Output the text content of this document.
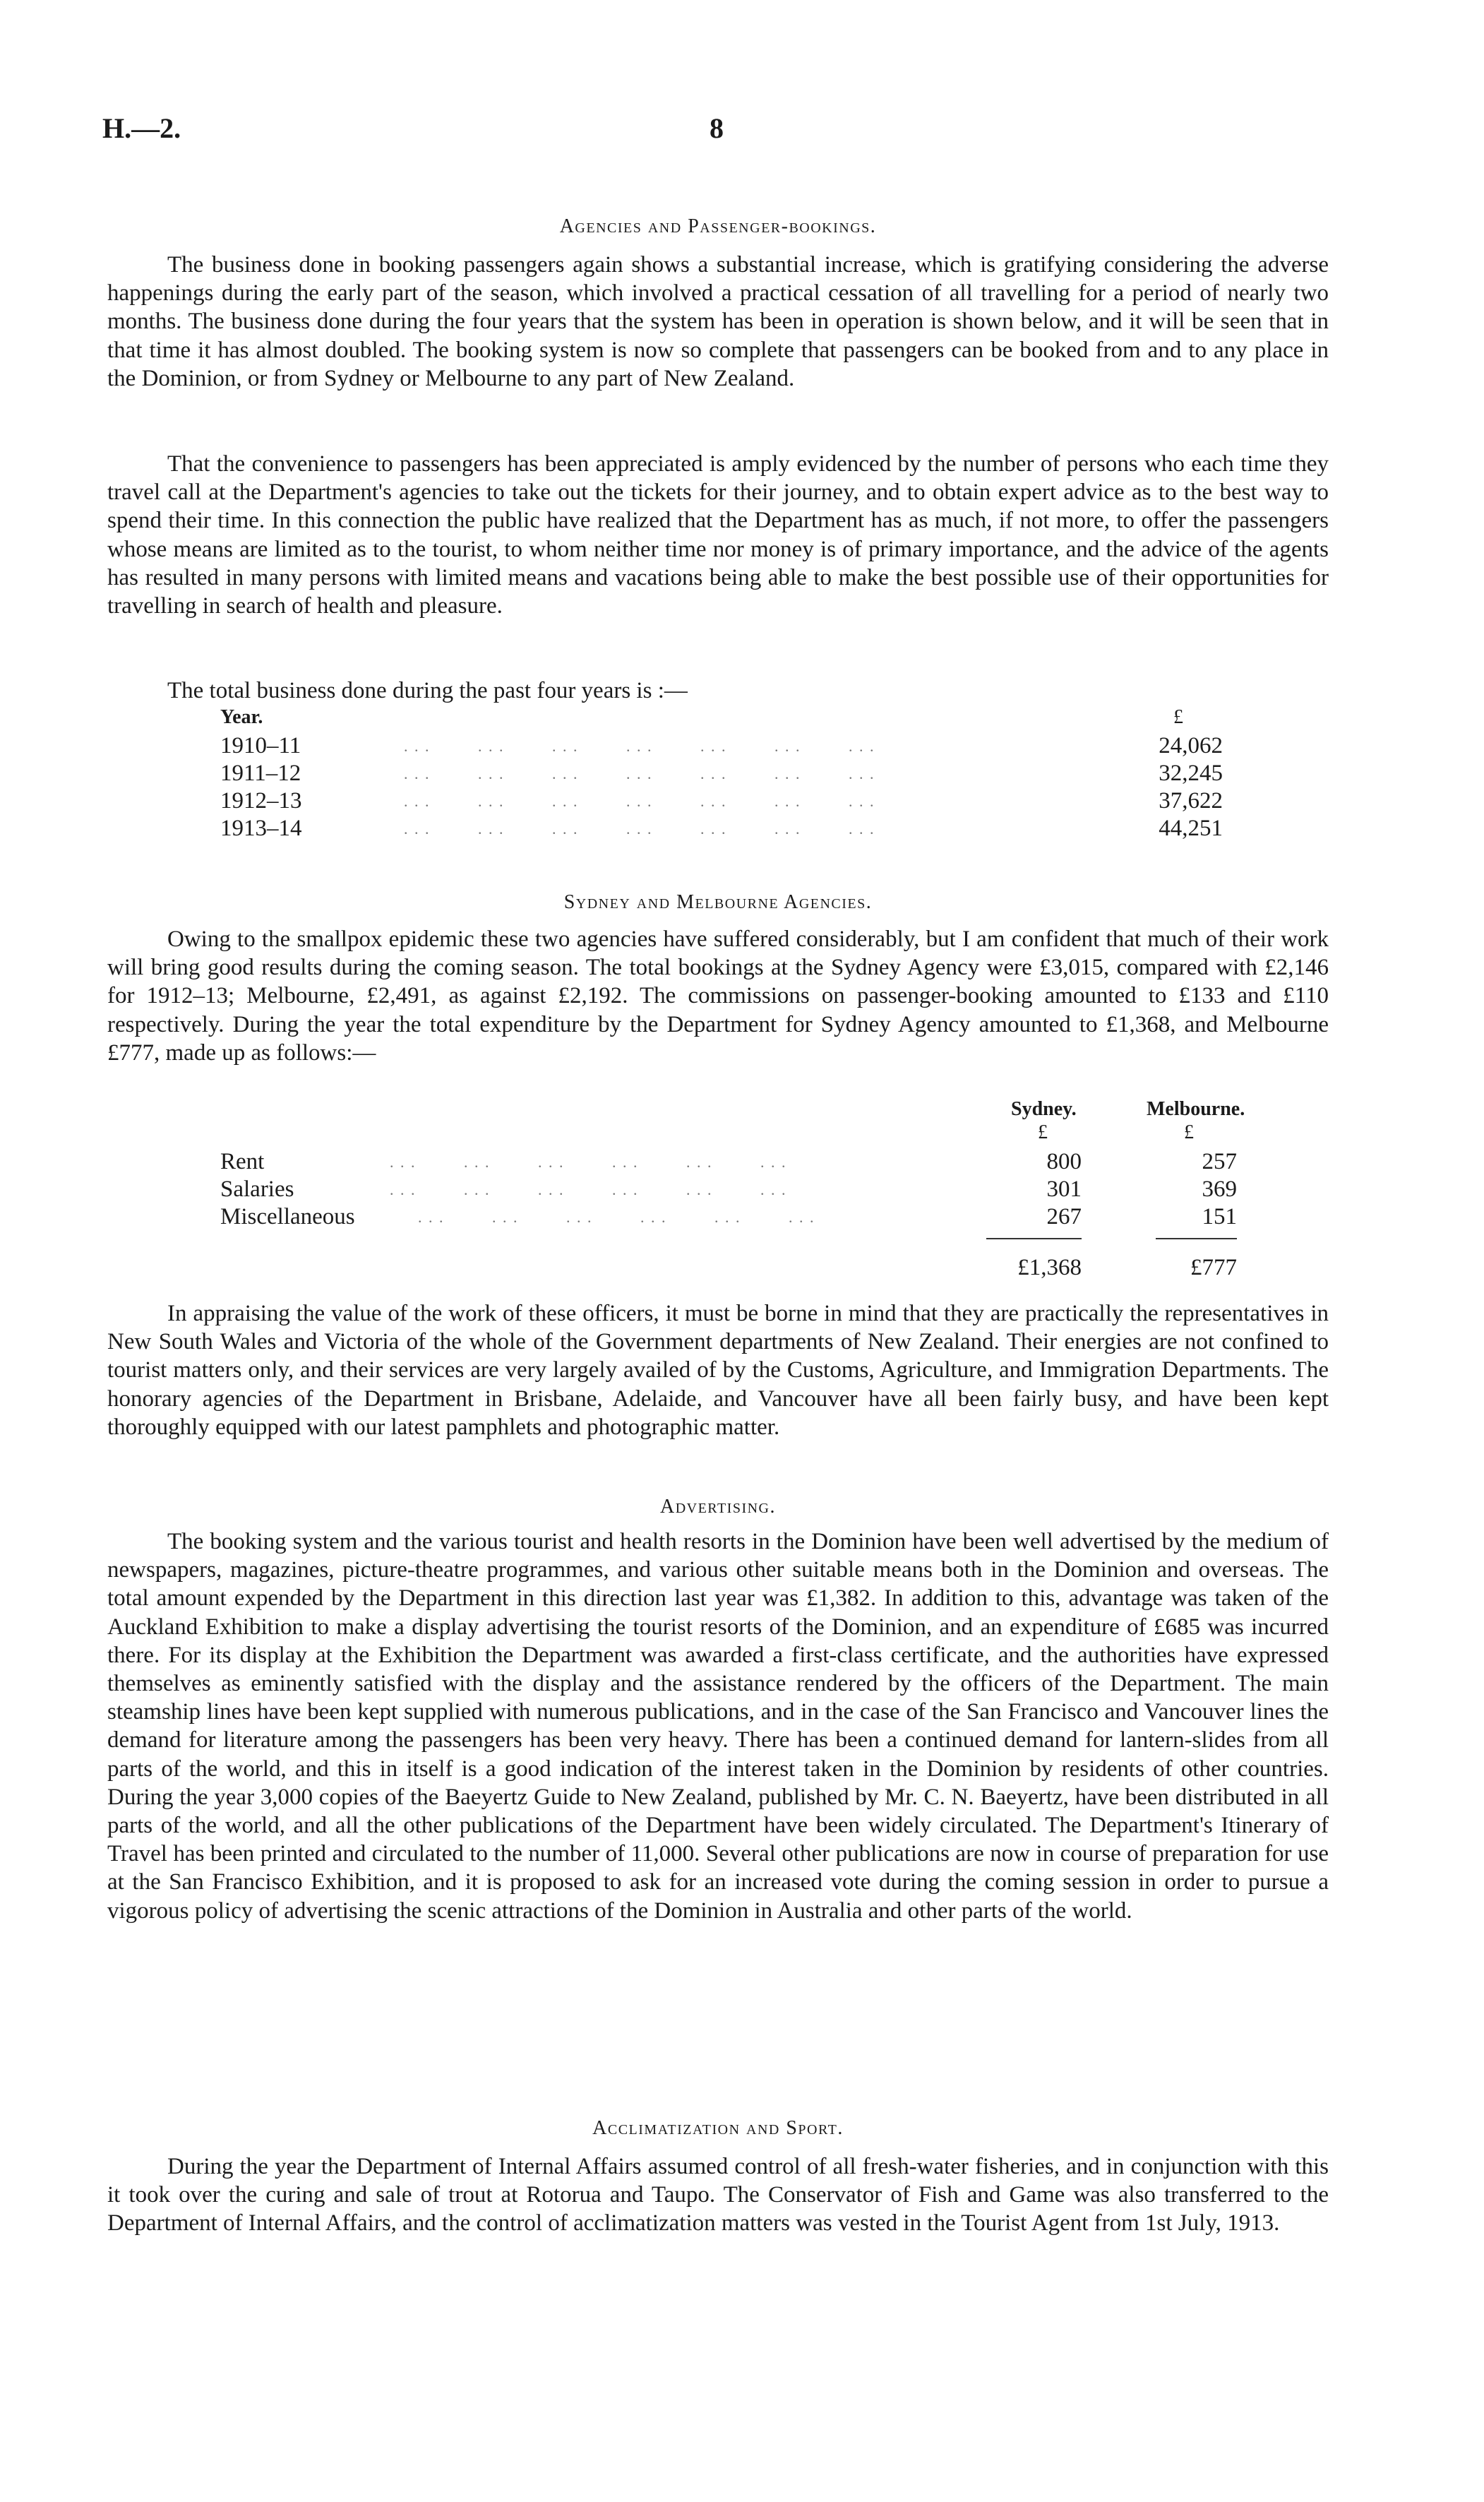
H.—2.	8
Agencies and Passenger-bookings.
The business done in booking passengers again shows a substantial increase, which is gratifying considering the adverse happenings during the early part of the season, which involved a practical cessation of all travelling for a period of nearly two months. The business done during the four years that the system has been in operation is shown below, and it will be seen that in that time it has almost doubled. The booking system is now so complete that passengers can be booked from and to any place in the Dominion, or from Sydney or Melbourne to any part of New Zealand.
That the convenience to passengers has been appreciated is amply evidenced by the number of persons who each time they travel call at the Department's agencies to take out the tickets for their journey, and to obtain expert advice as to the best way to spend their time. In this connection the public have realized that the Department has as much, if not more, to offer the passengers whose means are limited as to the tourist, to whom neither time nor money is of primary importance, and the advice of the agents has resulted in many persons with limited means and vacations being able to make the best possible use of their opportunities for travelling in search of health and pleasure.
The total business done during the past four years is :—
Year.	£
1910–11	. . .         . . .         . . .         . . .         . . .         . . .         . . .	24,062
1911–12	. . .         . . .         . . .         . . .         . . .         . . .         . . .	32,245
1912–13	. . .         . . .         . . .         . . .         . . .         . . .         . . .	37,622
1913–14	. . .         . . .         . . .         . . .         . . .         . . .         . . .	44,251
Sydney and Melbourne Agencies.
Owing to the smallpox epidemic these two agencies have suffered considerably, but I am confident that much of their work will bring good results during the coming season. The total bookings at the Sydney Agency were £3,015, compared with £2,146 for 1912–13; Melbourne, £2,491, as against £2,192. The commissions on passenger-booking amounted to £133 and £110 respectively. During the year the total expenditure by the Department for Sydney Agency amounted to £1,368, and Melbourne £777, made up as follows:—
Sydney.	Melbourne.
£	£
Rent	. . .         . . .         . . .         . . .         . . .         . . .	800	257
Salaries	. . .         . . .         . . .         . . .         . . .         . . .	301	369
Miscellaneous	. . .         . . .         . . .         . . .         . . .         . . .	267	151
£1,368	£777
In appraising the value of the work of these officers, it must be borne in mind that they are practically the representatives in New South Wales and Victoria of the whole of the Government departments of New Zealand. Their energies are not confined to tourist matters only, and their services are very largely availed of by the Customs, Agriculture, and Immigration Departments. The honorary agencies of the Department in Brisbane, Adelaide, and Vancouver have all been fairly busy, and have been kept thoroughly equipped with our latest pamphlets and photographic matter.
Advertising.
The booking system and the various tourist and health resorts in the Dominion have been well advertised by the medium of newspapers, magazines, picture-theatre programmes, and various other suitable means both in the Dominion and overseas. The total amount expended by the Department in this direction last year was £1,382. In addition to this, advantage was taken of the Auckland Exhibition to make a display advertising the tourist resorts of the Dominion, and an expenditure of £685 was incurred there. For its display at the Exhibition the Department was awarded a first-class certificate, and the authorities have expressed themselves as eminently satisfied with the display and the assistance rendered by the officers of the Department. The main steamship lines have been kept supplied with numerous publications, and in the case of the San Francisco and Vancouver lines the demand for literature among the passengers has been very heavy. There has been a continued demand for lantern-slides from all parts of the world, and this in itself is a good indication of the interest taken in the Dominion by residents of other countries. During the year 3,000 copies of the Baeyertz Guide to New Zealand, published by Mr. C. N. Baeyertz, have been distributed in all parts of the world, and all the other publications of the Department have been widely circulated. The Department's Itinerary of Travel has been printed and circulated to the number of 11,000. Several other publications are now in course of preparation for use at the San Francisco Exhibition, and it is proposed to ask for an increased vote during the coming session in order to pursue a vigorous policy of advertising the scenic attractions of the Dominion in Australia and other parts of the world.
Acclimatization and Sport.
During the year the Department of Internal Affairs assumed control of all fresh-water fisheries, and in conjunction with this it took over the curing and sale of trout at Rotorua and Taupo. The Conservator of Fish and Game was also transferred to the Department of Internal Affairs, and the control of acclimatization matters was vested in the Tourist Agent from 1st July, 1913.
